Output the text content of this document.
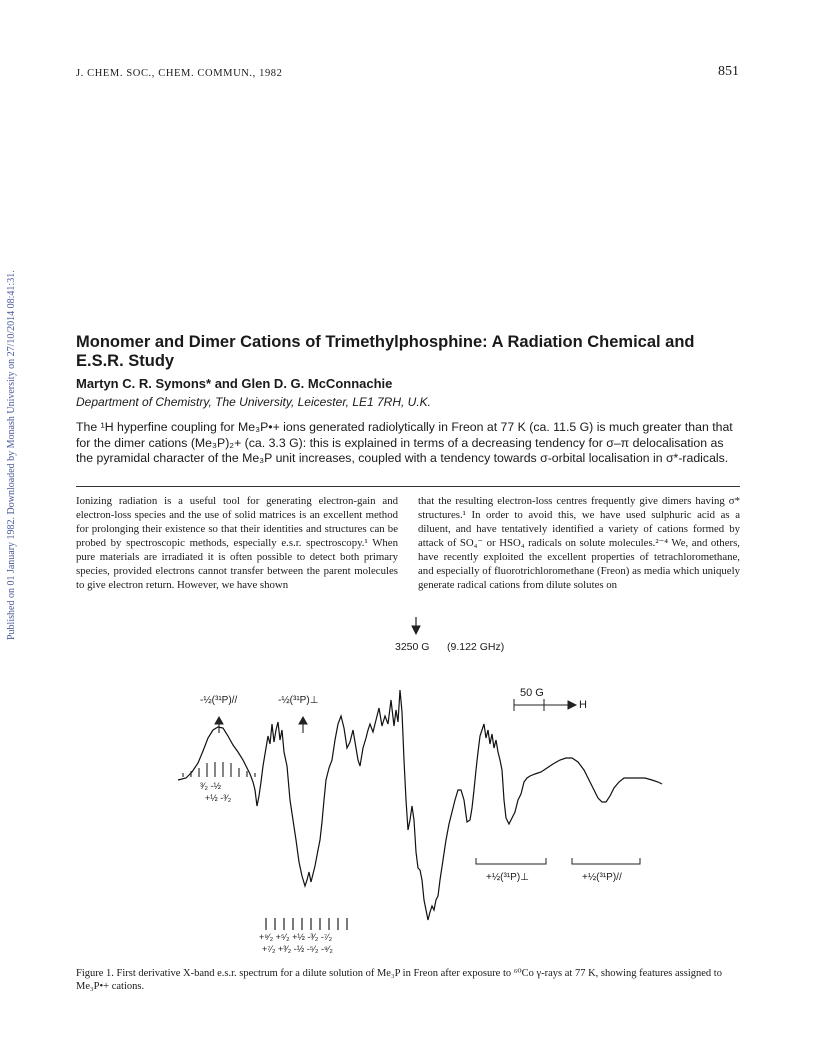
J. CHEM. SOC., CHEM. COMMUN., 1982	851
Published on 01 January 1982. Downloaded by Monash University on 27/10/2014 08:41:31.	Monomer and Dimer Cations of Trimethylphosphine: A Radiation Chemical and E.S.R. Study
Martyn C. R. Symons* and Glen D. G. McConnachie
Department of Chemistry, The University, Leicester, LE1 7RH, U.K.
The ¹H hyperfine coupling for Me₃P•+ ions generated radiolytically in Freon at 77 K (ca. 11.5 G) is much greater than that for the dimer cations (Me₃P)₂+ (ca. 3.3 G): this is explained in terms of a decreasing tendency for σ–π delocalisation as the pyramidal character of the Me₃P unit increases, coupled with a tendency towards σ-orbital localisation in σ*-radicals.
Ionizing radiation is a useful tool for generating electron-gain and electron-loss species and the use of solid matrices is an excellent method for prolonging their existence so that their identities and structures can be probed by spectroscopic methods, especially e.s.r. spectroscopy.¹ When pure materials are irradiated it is often possible to detect both primary species, provided electrons cannot transfer between the parent molecules to give electron return. However, we have shown
that the resulting electron-loss centres frequently give dimers having σ* structures.¹ In order to avoid this, we have used sulphuric acid as a diluent, and have tentatively identified a variety of cations formed by attack of SO₄⁻ or HSO₄ radicals on solute molecules.²⁻⁴ We, and others, have recently exploited the excellent properties of tetrachloromethane, and especially of fluorotrichloromethane (Freon) as media which uniquely generate radical cations from dilute solutes on
3250 G (9.122 GHz)
50 G
H
-½(³¹P)//	-½(³¹P)⊥
³⁄₂ -½
+½ -³⁄₂
+⁹⁄₂ +⁵⁄₂ +½ -³⁄₂ -⁷⁄₂
+⁷⁄₂ +³⁄₂ -½ -⁵⁄₂ -⁹⁄₂
+½(³¹P)⊥	+½(³¹P)//
Figure 1. First derivative X-band e.s.r. spectrum for a dilute solution of Me₃P in Freon after exposure to ⁶⁰Co γ-rays at 77 K, showing features assigned to Me₃P•+ cations.
